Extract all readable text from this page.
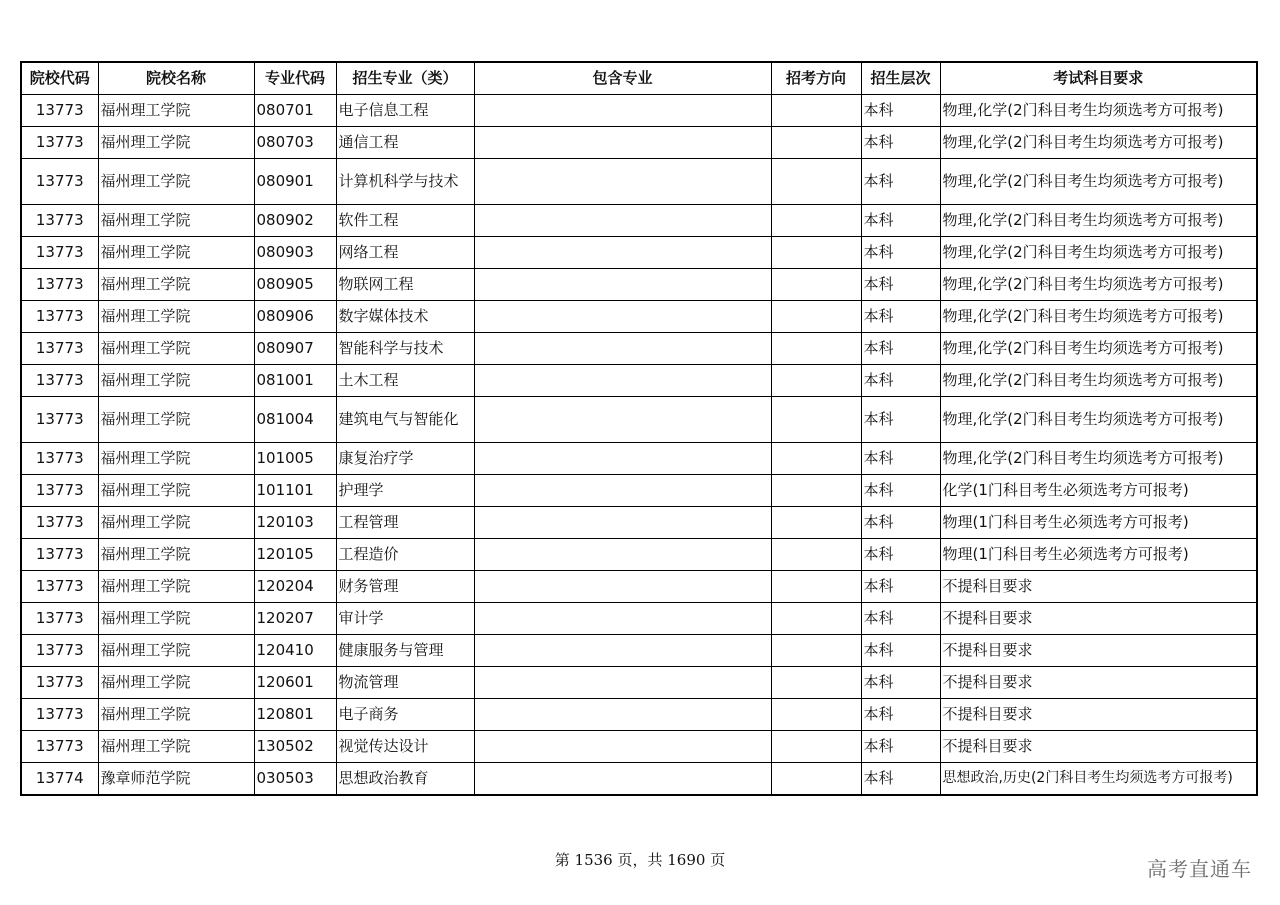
院校代码	院校名称	专业代码	招生专业（类）	包含专业	招考方向	招生层次	考试科目要求
13773	福州理工学院	080701	电子信息工程			本科	物理,化学(2门科目考生均须选考方可报考)
13773	福州理工学院	080703	通信工程			本科	物理,化学(2门科目考生均须选考方可报考)
13773	福州理工学院	080901	计算机科学与技术			本科	物理,化学(2门科目考生均须选考方可报考)
13773	福州理工学院	080902	软件工程			本科	物理,化学(2门科目考生均须选考方可报考)
13773	福州理工学院	080903	网络工程			本科	物理,化学(2门科目考生均须选考方可报考)
13773	福州理工学院	080905	物联网工程			本科	物理,化学(2门科目考生均须选考方可报考)
13773	福州理工学院	080906	数字媒体技术			本科	物理,化学(2门科目考生均须选考方可报考)
13773	福州理工学院	080907	智能科学与技术			本科	物理,化学(2门科目考生均须选考方可报考)
13773	福州理工学院	081001	土木工程			本科	物理,化学(2门科目考生均须选考方可报考)
13773	福州理工学院	081004	建筑电气与智能化			本科	物理,化学(2门科目考生均须选考方可报考)
13773	福州理工学院	101005	康复治疗学			本科	物理,化学(2门科目考生均须选考方可报考)
13773	福州理工学院	101101	护理学			本科	化学(1门科目考生必须选考方可报考)
13773	福州理工学院	120103	工程管理			本科	物理(1门科目考生必须选考方可报考)
13773	福州理工学院	120105	工程造价			本科	物理(1门科目考生必须选考方可报考)
13773	福州理工学院	120204	财务管理			本科	不提科目要求
13773	福州理工学院	120207	审计学			本科	不提科目要求
13773	福州理工学院	120410	健康服务与管理			本科	不提科目要求
13773	福州理工学院	120601	物流管理			本科	不提科目要求
13773	福州理工学院	120801	电子商务			本科	不提科目要求
13773	福州理工学院	130502	视觉传达设计			本科	不提科目要求
13774	豫章师范学院	030503	思想政治教育			本科	思想政治,历史(2门科目考生均须选考方可报考)
第 1536 页，共 1690 页	高考直通车
